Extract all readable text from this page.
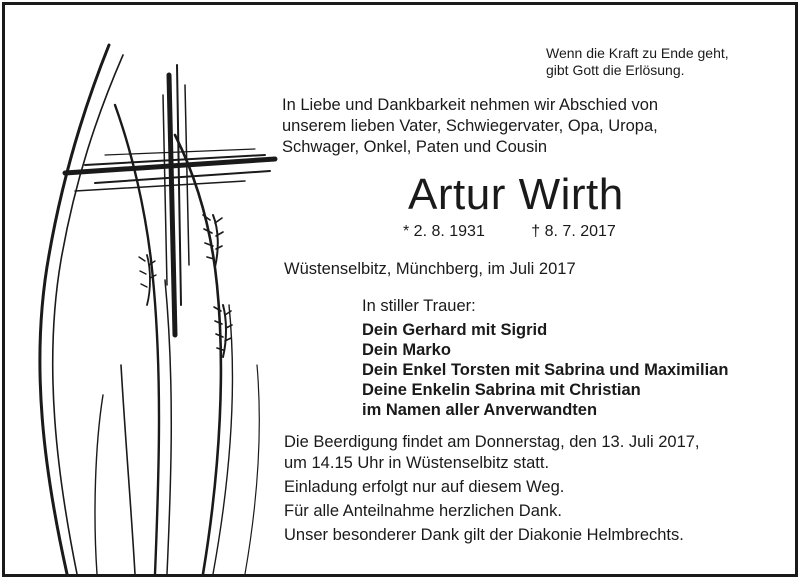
Wenn die Kraft zu Ende geht,
gibt Gott die Erlösung.
In Liebe und Dankbarkeit nehmen wir Abschied von
unserem lieben Vater, Schwiegervater, Opa, Uropa,
Schwager, Onkel, Paten und Cousin
Artur Wirth
* 2. 8. 1931	† 8. 7. 2017
Wüstenselbitz, Münchberg, im Juli 2017
In stiller Trauer:
Dein Gerhard mit Sigrid
Dein Marko
Dein Enkel Torsten mit Sabrina und Maximilian
Deine Enkelin Sabrina mit Christian
im Namen aller Anverwandten
Die Beerdigung findet am Donnerstag, den 13. Juli 2017,
um 14.15 Uhr in Wüstenselbitz statt.
Einladung erfolgt nur auf diesem Weg.
Für alle Anteilnahme herzlichen Dank.
Unser besonderer Dank gilt der Diakonie Helmbrechts.
